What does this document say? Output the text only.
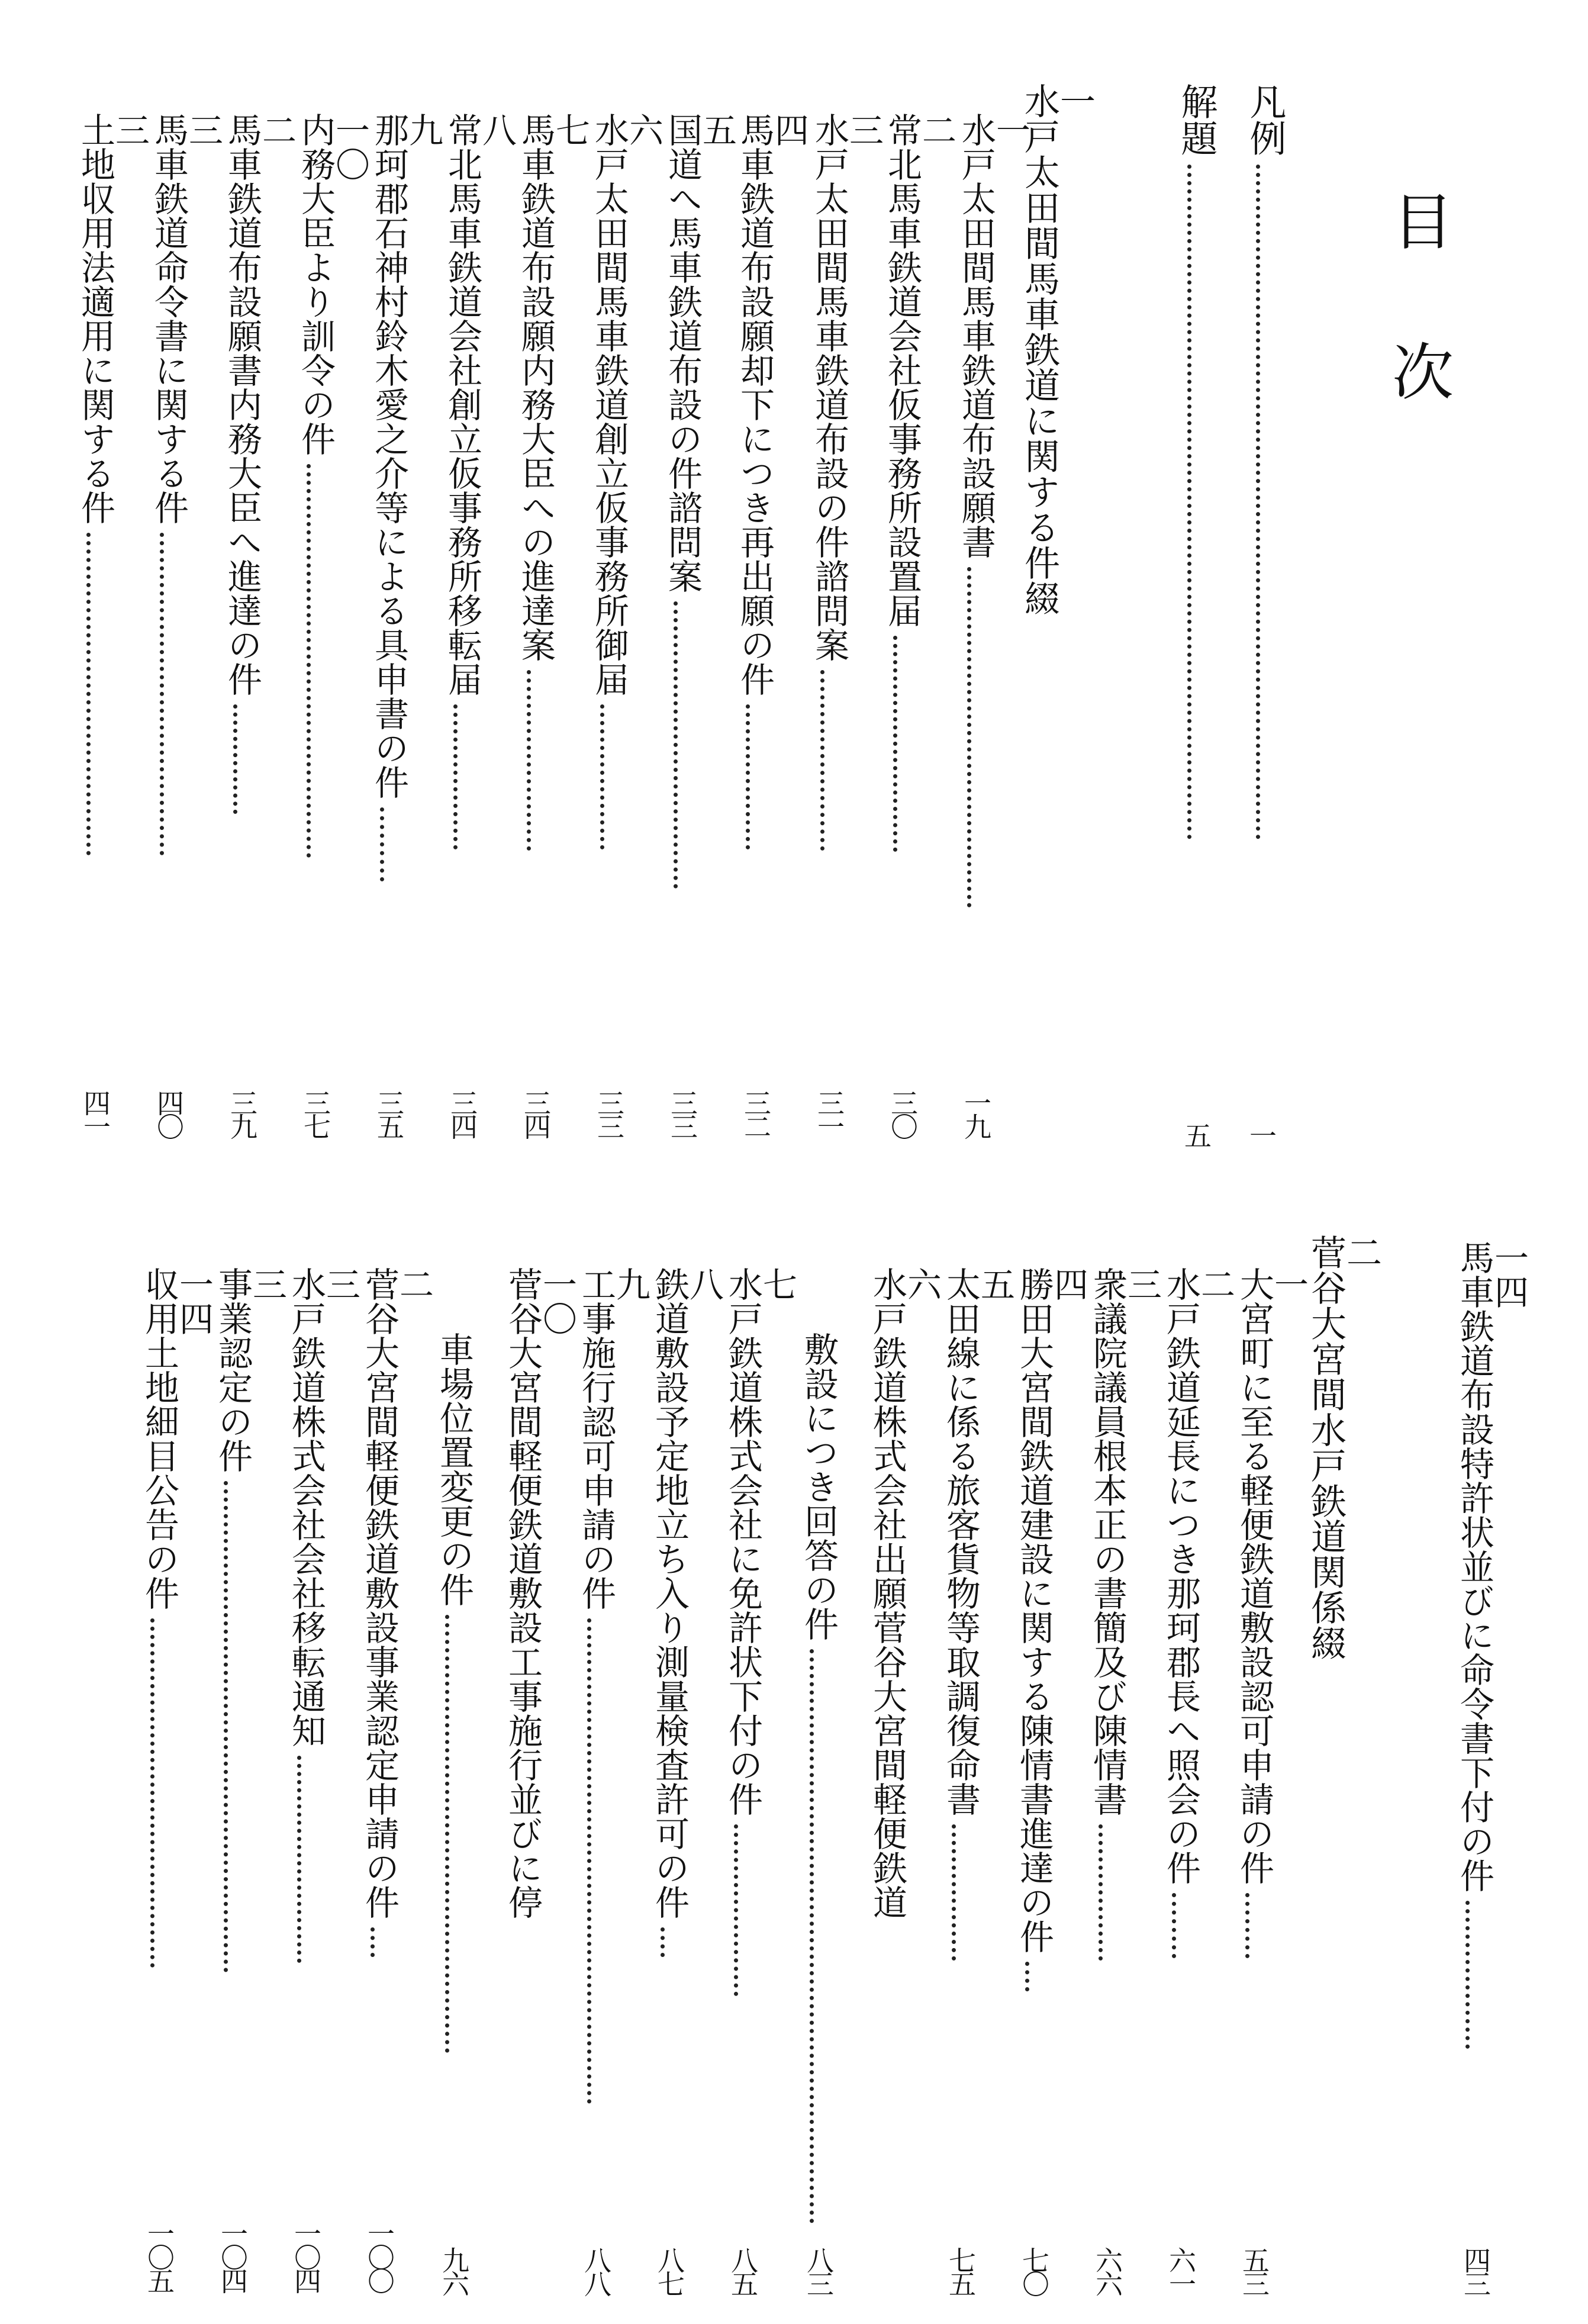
目次
凡例
解題
一
水戸太田間馬車鉄道に関する件綴
一
水戸太田間馬車鉄道布設願書
二
常北馬車鉄道会社仮事務所設置届
三
水戸太田間馬車鉄道布設の件諮問案
四
馬車鉄道布設願却下につき再出願の件
五
国道へ馬車鉄道布設の件諮問案
六
水戸太田間馬車鉄道創立仮事務所御届
七
馬車鉄道布設願内務大臣への進達案
八
常北馬車鉄道会社創立仮事務所移転届
九
那珂郡石神村鈴木愛之介等による具申書の件
一〇
内務大臣より訓令の件
二
馬車鉄道布設願書内務大臣へ進達の件
三
馬車鉄道命令書に関する件
三
土地収用法適用に関する件
一四
馬車鉄道布設特許状並びに命令書下付の件
二
菅谷大宮間水戸鉄道関係綴
一
大宮町に至る軽便鉄道敷設認可申請の件
二
水戸鉄道延長につき那珂郡長へ照会の件
三
衆議院議員根本正の書簡及び陳情書
四
勝田大宮間鉄道建設に関する陳情書進達の件
五
太田線に係る旅客貨物等取調復命書
六
水戸鉄道株式会社出願菅谷大宮間軽便鉄道
敷設につき回答の件
七
水戸鉄道株式会社に免許状下付の件
八
鉄道敷設予定地立ち入り測量検査許可の件
九
工事施行認可申請の件
一〇
菅谷大宮間軽便鉄道敷設工事施行並びに停
車場位置変更の件
二
菅谷大宮間軽便鉄道敷設事業認定申請の件
三
水戸鉄道株式会社会社移転通知
三
事業認定の件
一四
収用土地細目公告の件
一
五
一九
三〇
三一
三二
三三
三三
三四
三四
三五
三七
三九
四〇
四一
四三
五三
六一
六六
七〇
七五
八三
八五
八七
八八
九六
一〇〇
一〇四
一〇四
一〇五
